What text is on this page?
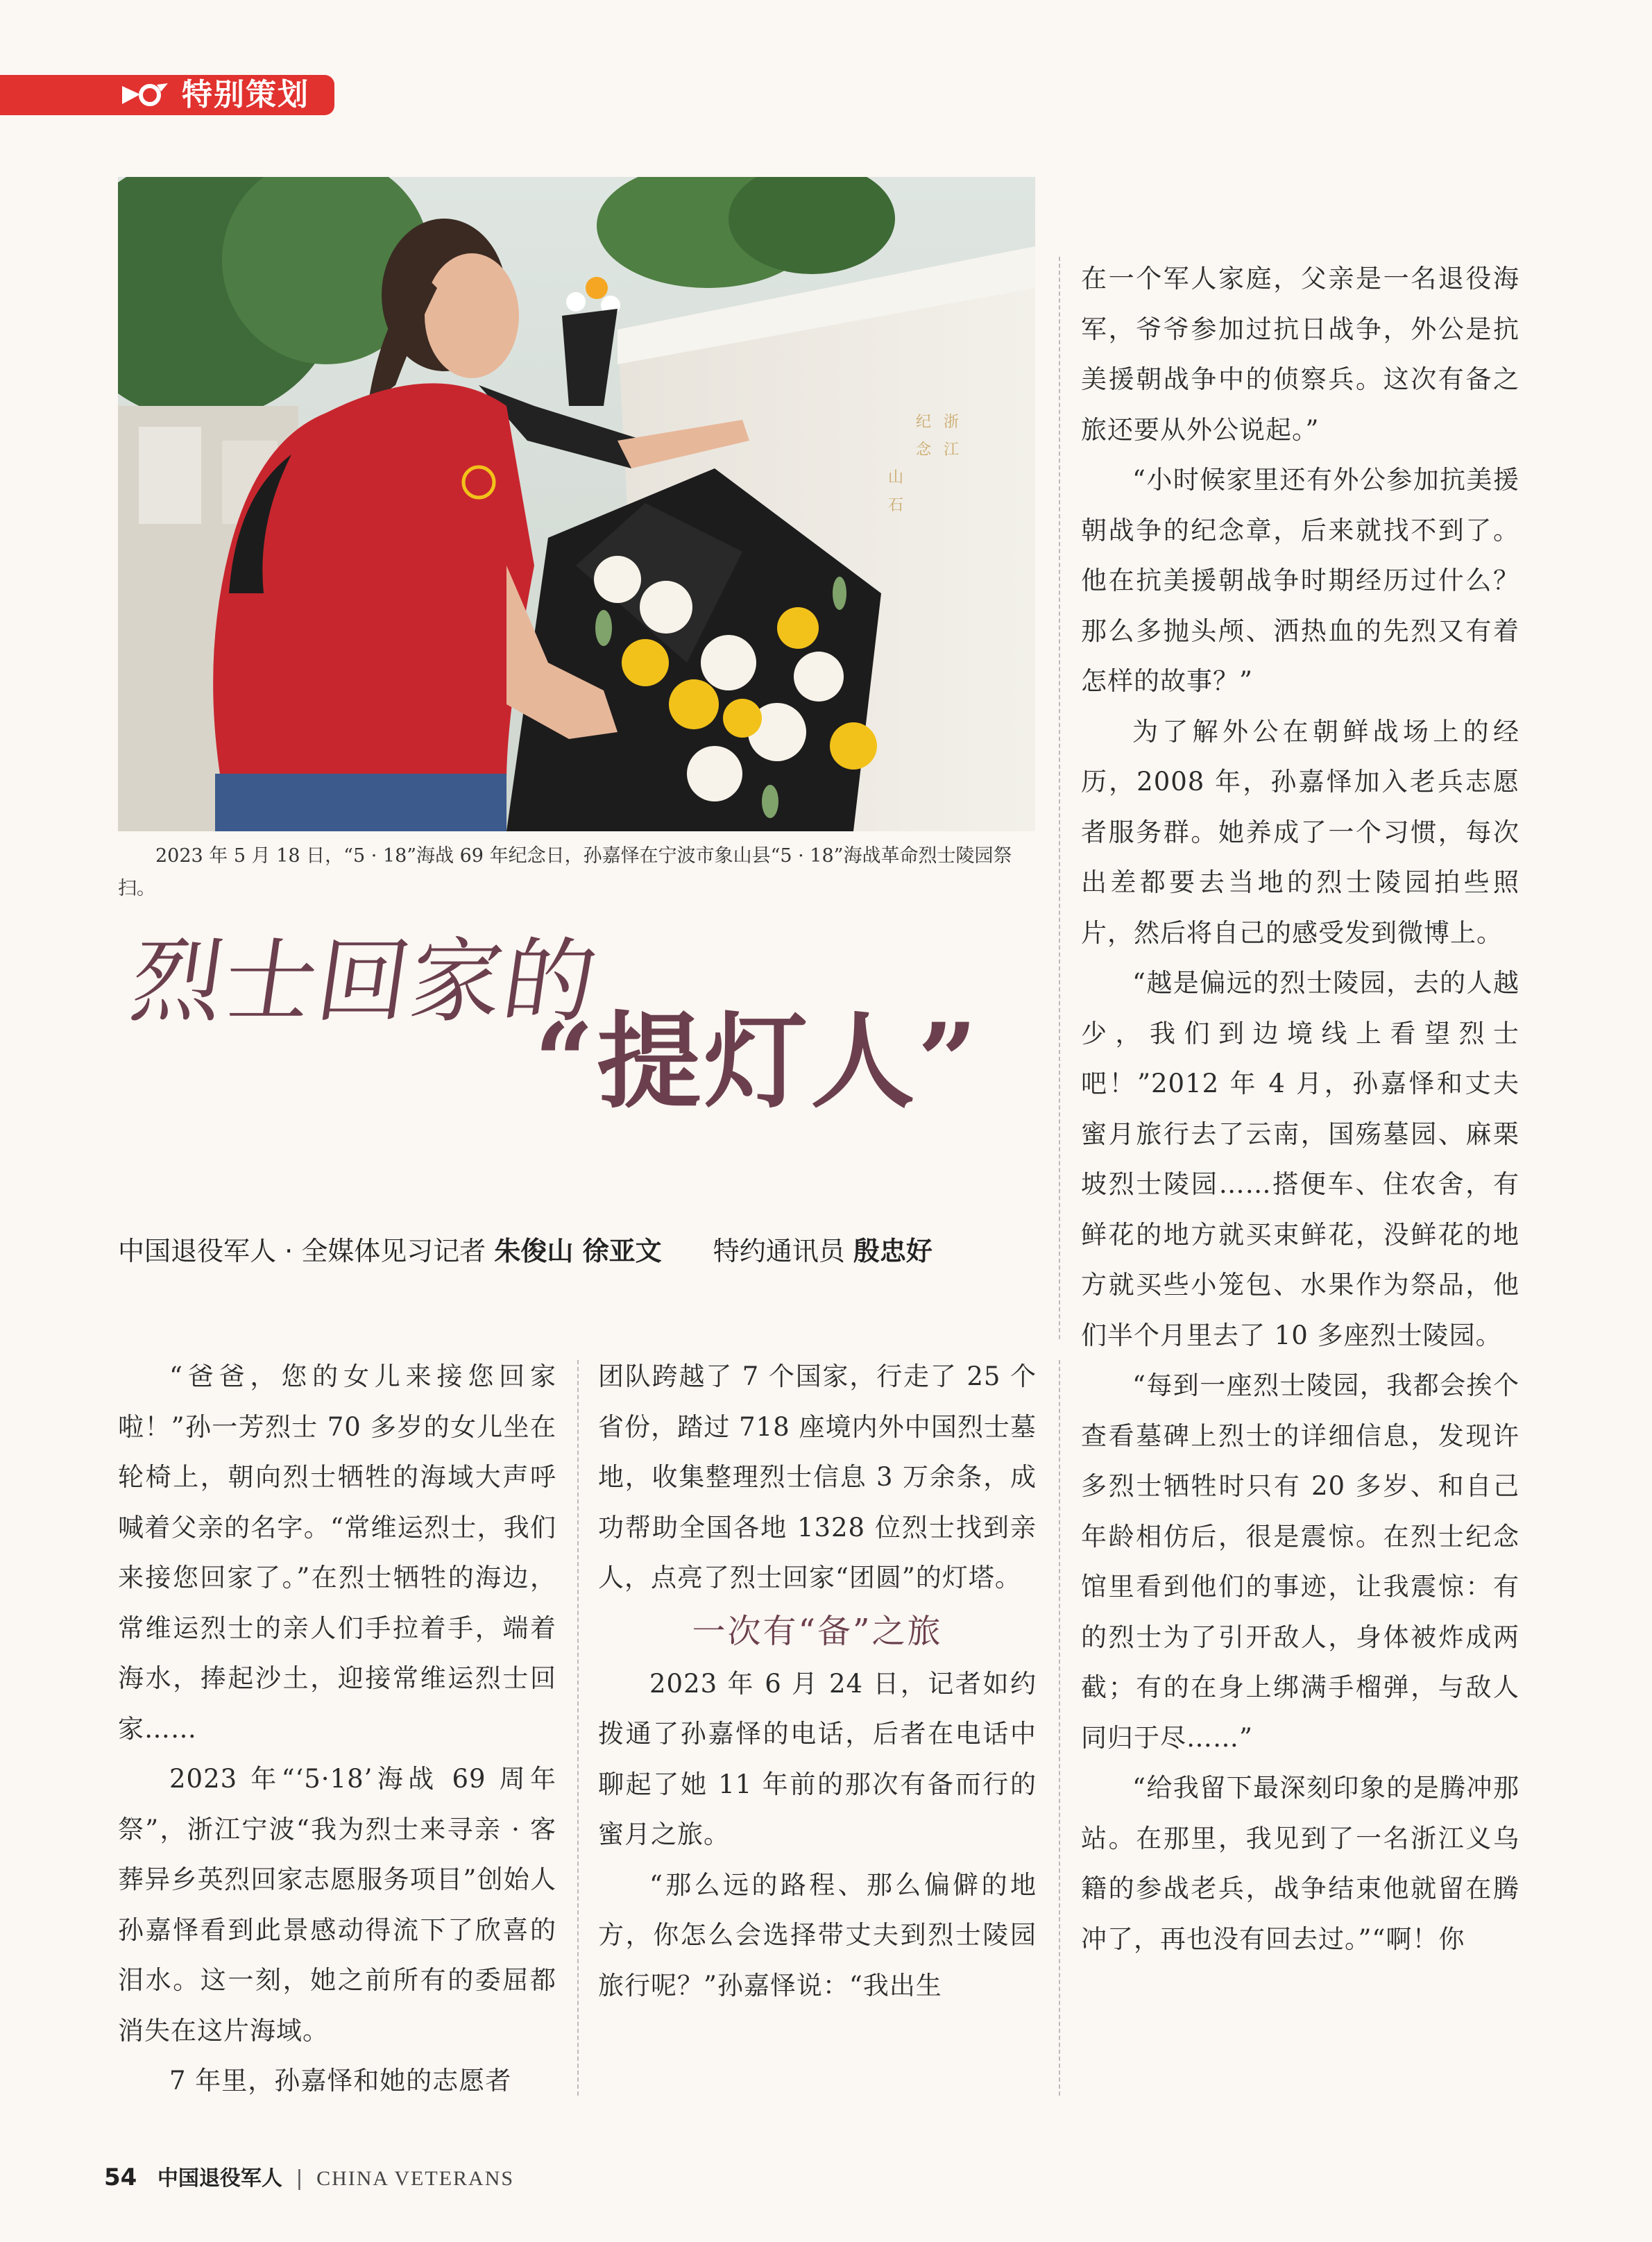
特别策划
纪
念
浙
江
山
石
2023 年 5 月 18 日，“5 · 18”海战 69 年纪念日，孙嘉怿在宁波市象山县“5 · 18”海战革命烈士陵园祭扫。
烈士回家的
“提灯人”
中国退役军人 · 全媒体见习记者 朱俊山 徐亚文 特约通讯员 殷忠好

“爸爸，您的女儿来接您回家啦！”孙一芳烈士 70 多岁的女儿坐在轮椅上，朝向烈士牺牲的海域大声呼喊着父亲的名字。“常维运烈士，我们来接您回家了。”在烈士牺牲的海边，常维运烈士的亲人们手拉着手，端着海水，捧起沙土，迎接常维运烈士回家……

2023 年“‘5·18’海战 69 周年祭”，浙江宁波“我为烈士来寻亲 · 客葬异乡英烈回家志愿服务项目”创始人孙嘉怿看到此景感动得流下了欣喜的泪水。这一刻，她之前所有的委屈都消失在这片海域。

7 年里，孙嘉怿和她的志愿者

团队跨越了 7 个国家，行走了 25 个省份，踏过 718 座境内外中国烈士墓地，收集整理烈士信息 3 万余条，成功帮助全国各地 1328 位烈士找到亲人，点亮了烈士回家“团圆”的灯塔。

一次有“备”之旅

2023 年 6 月 24 日，记者如约拨通了孙嘉怿的电话，后者在电话中聊起了她 11 年前的那次有备而行的蜜月之旅。

“那么远的路程、那么偏僻的地方，你怎么会选择带丈夫到烈士陵园旅行呢？”孙嘉怿说：“我出生

在一个军人家庭，父亲是一名退役海军，爷爷参加过抗日战争，外公是抗美援朝战争中的侦察兵。这次有备之旅还要从外公说起。”

“小时候家里还有外公参加抗美援朝战争的纪念章，后来就找不到了。他在抗美援朝战争时期经历过什么？那么多抛头颅、洒热血的先烈又有着怎样的故事？”

为了解外公在朝鲜战场上的经历，2008 年，孙嘉怿加入老兵志愿者服务群。她养成了一个习惯，每次出差都要去当地的烈士陵园拍些照片，然后将自己的感受发到微博上。

“越是偏远的烈士陵园，去的人越少，我们到边境线上看望烈士吧！”2012 年 4 月，孙嘉怿和丈夫蜜月旅行去了云南，国殇墓园、麻栗坡烈士陵园……搭便车、住农舍，有鲜花的地方就买束鲜花，没鲜花的地方就买些小笼包、水果作为祭品，他们半个月里去了 10 多座烈士陵园。

“每到一座烈士陵园，我都会挨个查看墓碑上烈士的详细信息，发现许多烈士牺牲时只有 20 多岁、和自己年龄相仿后，很是震惊。在烈士纪念馆里看到他们的事迹，让我震惊：有的烈士为了引开敌人，身体被炸成两截；有的在身上绑满手榴弹，与敌人同归于尽……”

“给我留下最深刻印象的是腾冲那站。在那里，我见到了一名浙江义乌籍的参战老兵，战争结束他就留在腾冲了，再也没有回去过。”“啊！你

54 中国退役军人 | CHINA VETERANS
